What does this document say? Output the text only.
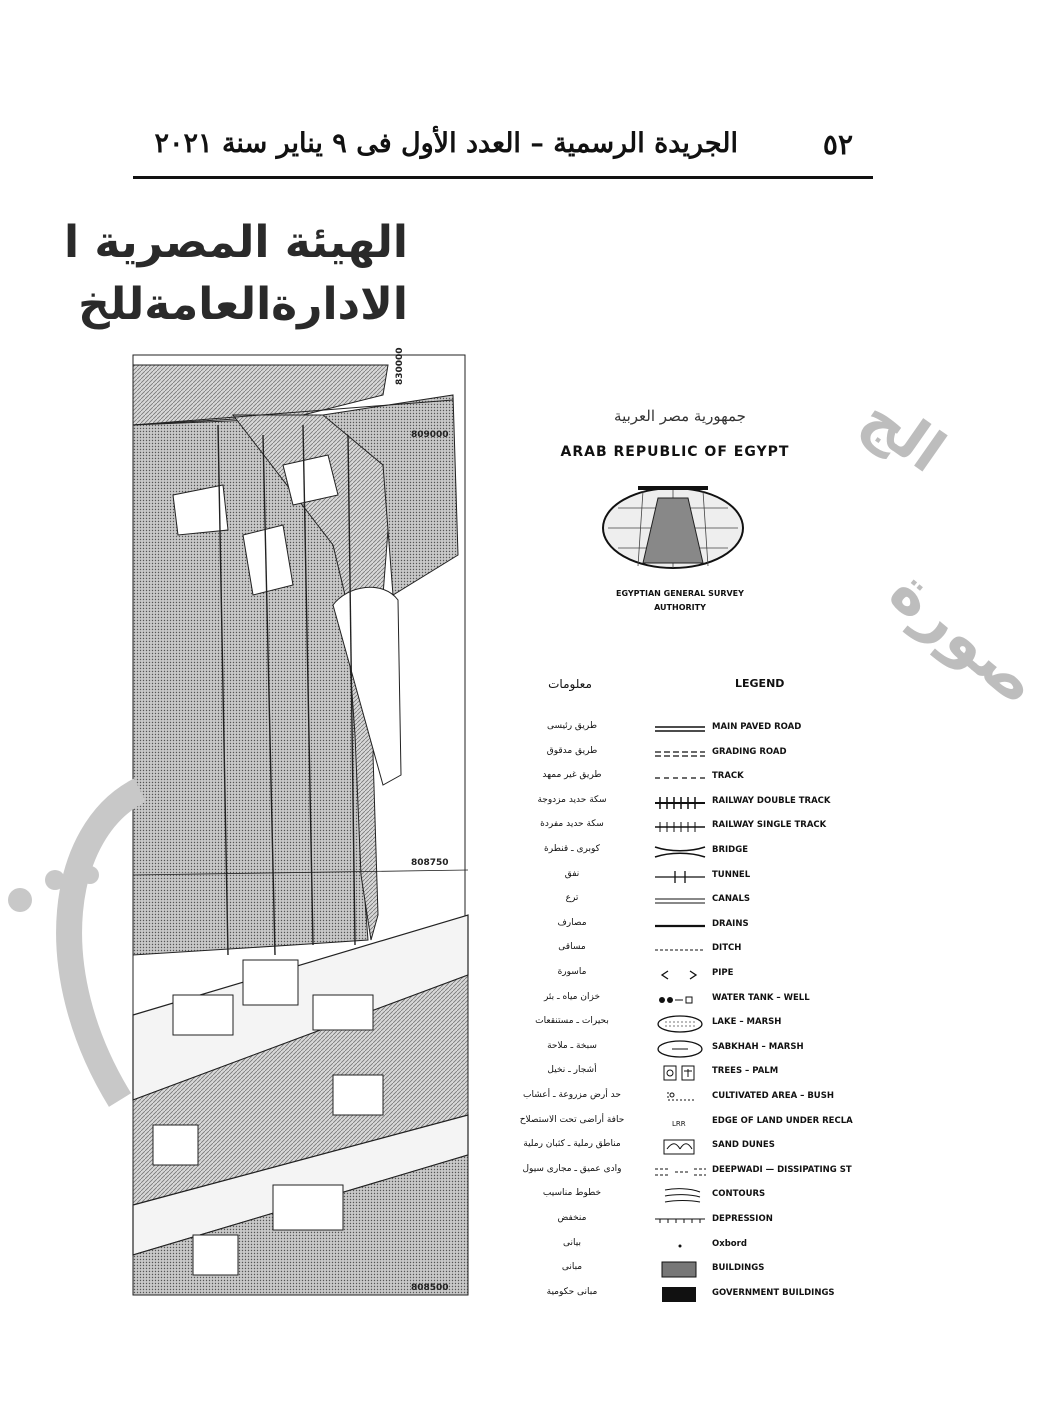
٥٢
الجريدة الرسمية – العدد الأول فى ٩ يناير سنة ٢٠٢١
الهيئة المصرية ا
الادارةالعامةللخ
830000
809000
808750
808500
جمهورية مصر العربية
ARAB REPUBLIC OF EGYPT
EGYPTIAN GENERAL SURVEY
AUTHORITY
معلومات	LEGEND
طريق رئيسى	MAIN PAVED ROAD
طريق مدقوق	GRADING ROAD
طريق غير ممهد	TRACK
سكة حديد مزدوجة	RAILWAY DOUBLE TRACK
سكة حديد مفردة	RAILWAY SINGLE TRACK
كوبرى ـ قنطرة	BRIDGE
نفق	TUNNEL
ترع	CANALS
مصارف	DRAINS
مساقى	DITCH
ماسورة	PIPE
خزان مياه ـ بئر	WATER TANK – WELL
بحيرات ـ مستنقعات	LAKE – MARSH
سبخة ـ ملاحة	SABKHAH – MARSH
أشجار ـ نخيل	TREES – PALM
حد أرض مزروعة ـ أعشاب	CULTIVATED AREA – BUSH
حافة أراضى تحت الاستصلاح	LRR	EDGE OF LAND UNDER RECLA
مناطق رملية ـ كثبان رملية	SAND DUNES
وادى عميق ـ مجارى سيول	DEEPWADI — DISSIPATING ST
خطوط مناسيب	CONTOURS
منخفض	DEPRESSION
بيانى	Oxbord
مبانى	BUILDINGS
مبانى حكومية	GOVERNMENT BUILDINGS
الج
صورة
